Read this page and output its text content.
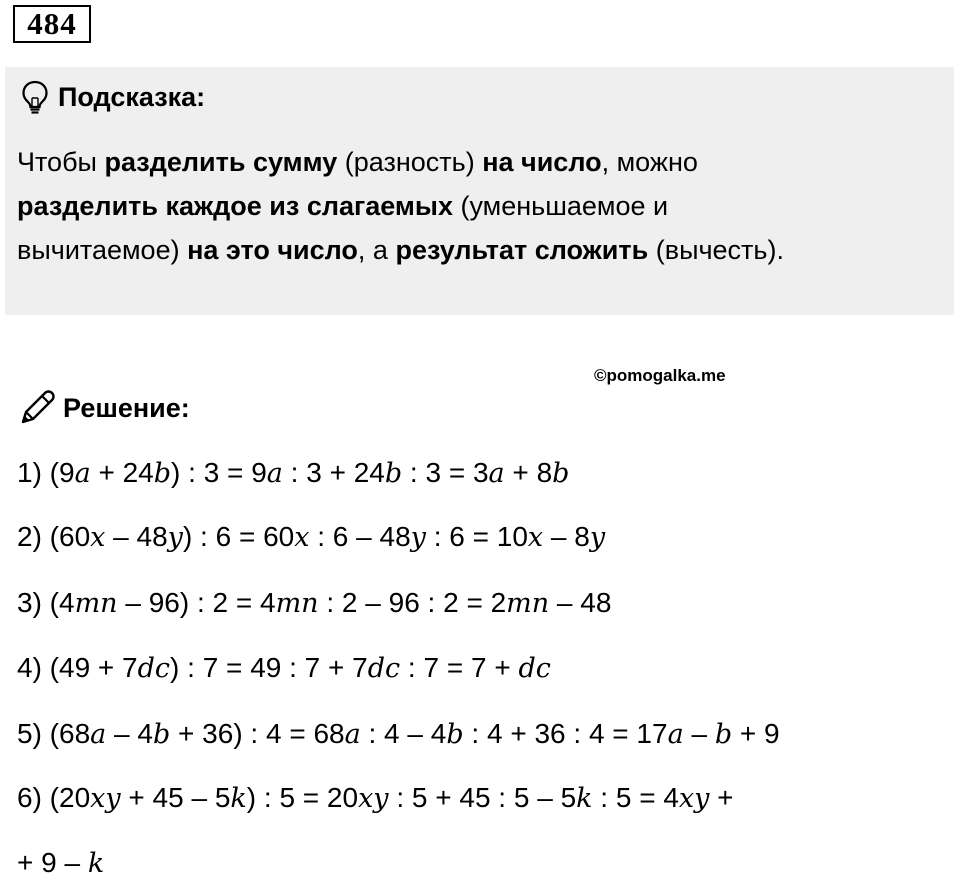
484
Подсказка:
Чтобы разделить сумму (разность) на число, можно
разделить каждое из слагаемых (уменьшаемое и
вычитаемое) на это число, а результат сложить (вычесть).
©pomogalka.me
Решение:
1) (9a + 24b) : 3 = 9a : 3 + 24b : 3 = 3a + 8b
2) (60x – 48y) : 6 = 60x : 6 – 48y : 6 = 10x – 8y
3) (4mn – 96) : 2 = 4mn : 2 – 96 : 2 = 2mn – 48
4) (49 + 7dc) : 7 = 49 : 7 + 7dc : 7 = 7 + dc
5) (68a – 4b + 36) : 4 = 68a : 4 – 4b : 4 + 36 : 4 = 17a – b + 9
6) (20xy + 45 – 5k) : 5 = 20xy : 5 + 45 : 5 – 5k : 5 = 4xy +
+ 9 – k
